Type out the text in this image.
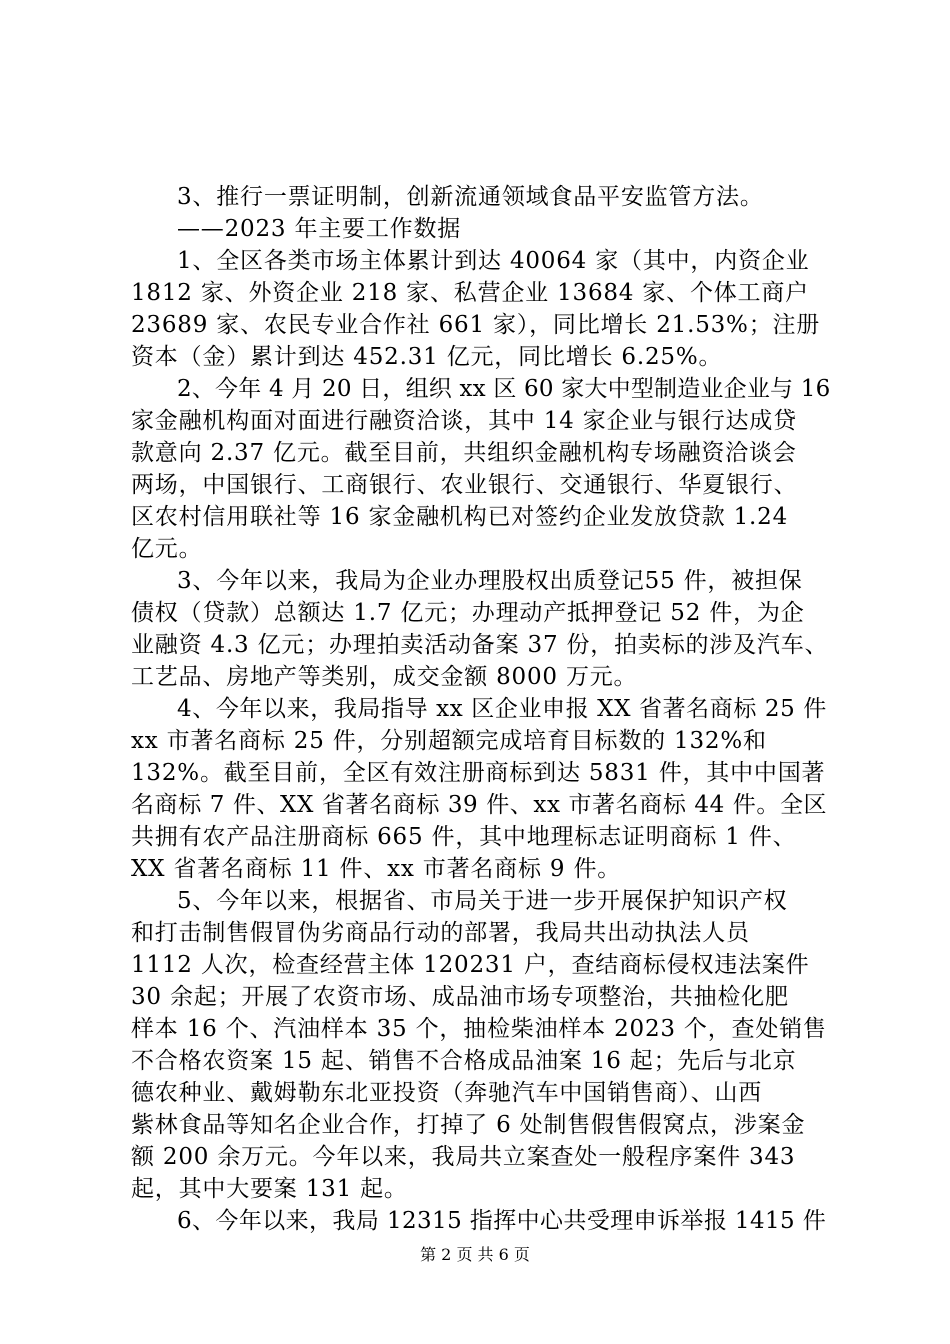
3、推行一票证明制，创新流通领域食品平安监管方法。
——2023 年主要工作数据
1、全区各类市场主体累计到达 40064 家（其中，内资企业
1812 家、外资企业 218 家、私营企业 13684 家、个体工商户
23689 家、农民专业合作社 661 家），同比增长 21.53%；注册
资本（金）累计到达 452.31 亿元，同比增长 6.25%。
2、今年 4 月 20 日，组织 xx 区 60 家大中型制造业企业与 16
家金融机构面对面进行融资洽谈，其中 14 家企业与银行达成贷
款意向 2.37 亿元。截至目前，共组织金融机构专场融资洽谈会
两场，中国银行、工商银行、农业银行、交通银行、华夏银行、
区农村信用联社等 16 家金融机构已对签约企业发放贷款 1.24
亿元。
3、今年以来，我局为企业办理股权出质登记55 件，被担保
债权（贷款）总额达 1.7 亿元；办理动产抵押登记 52 件，为企
业融资 4.3 亿元；办理拍卖活动备案 37 份，拍卖标的涉及汽车、
工艺品、房地产等类别，成交金额 8000 万元。
4、今年以来，我局指导 xx 区企业申报 XX 省著名商标 25 件
xx 市著名商标 25 件，分别超额完成培育目标数的 132%和
132%。截至目前，全区有效注册商标到达 5831 件，其中中国著
名商标 7 件、XX 省著名商标 39 件、xx 市著名商标 44 件。全区
共拥有农产品注册商标 665 件，其中地理标志证明商标 1 件、
XX 省著名商标 11 件、xx 市著名商标 9 件。
5、今年以来，根据省、市局关于进一步开展保护知识产权
和打击制售假冒伪劣商品行动的部署，我局共出动执法人员
1112 人次，检查经营主体 120231 户，查结商标侵权违法案件
30 余起；开展了农资市场、成品油市场专项整治，共抽检化肥
样本 16 个、汽油样本 35 个，抽检柴油样本 2023 个，查处销售
不合格农资案 15 起、销售不合格成品油案 16 起；先后与北京
德农种业、戴姆勒东北亚投资（奔驰汽车中国销售商）、山西
紫林食品等知名企业合作，打掉了 6 处制售假售假窝点，涉案金
额 200 余万元。今年以来，我局共立案查处一般程序案件 343
起，其中大要案 131 起。
6、今年以来，我局 12315 指挥中心共受理申诉举报 1415 件
第 2 页 共 6 页
